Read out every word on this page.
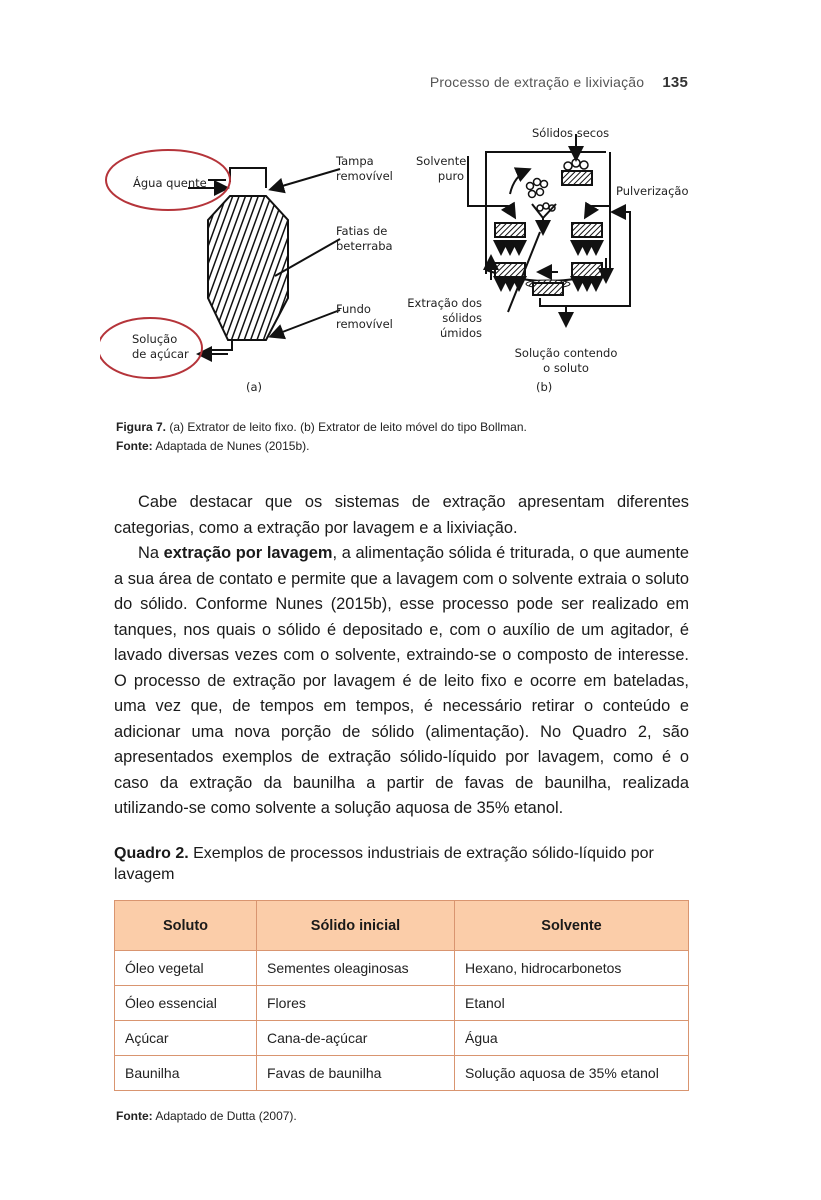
Processo de extração e lixiviação 135
Água quente
Tampa
removível
Fatias de
beterraba
Fundo
removível
Solução
de açúcar
(a)
Sólidos secos
Solvente
puro
Pulverização
Extração dos
sólidos úmidos
Solução contendo
o soluto
(b)
Figura 7. (a) Extrator de leito fixo. (b) Extrator de leito móvel do tipo Bollman.
Fonte: Adaptada de Nunes (2015b).

Cabe destacar que os sistemas de extração apresentam diferentes categorias, como a extração por lavagem e a lixiviação.

Na extração por lavagem, a alimentação sólida é triturada, o que aumente a sua área de contato e permite que a lavagem com o solvente extraia o soluto do sólido. Conforme Nunes (2015b), esse processo pode ser realizado em tanques, nos quais o sólido é depositado e, com o auxílio de um agitador, é lavado diversas vezes com o solvente, extraindo-se o composto de interesse. O processo de extração por lavagem é de leito fixo e ocorre em bateladas, uma vez que, de tempos em tempos, é necessário retirar o conteúdo e adicionar uma nova porção de sólido (alimentação). No Quadro 2, são apresentados exemplos de extração sólido-líquido por lavagem, como é o caso da extração da baunilha a partir de favas de baunilha, realizada utilizando-se como solvente a solução aquosa de 35% etanol.

Quadro 2. Exemplos de processos industriais de extração sólido-líquido por lavagem
Soluto	Sólido inicial	Solvente
Óleo vegetal	Sementes oleaginosas	Hexano, hidrocarbonetos
Óleo essencial	Flores	Etanol
Açúcar	Cana-de-açúcar	Água
Baunilha	Favas de baunilha	Solução aquosa de 35% etanol
Fonte: Adaptado de Dutta (2007).
